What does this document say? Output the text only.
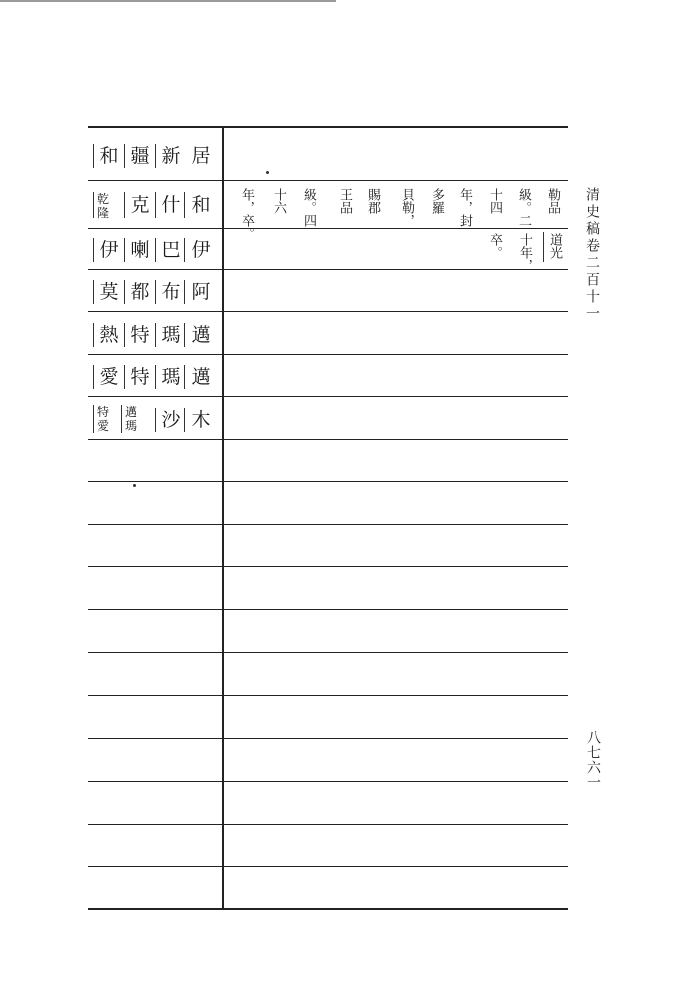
和 疆 新 居
乾隆 克 什 和
伊 喇 巴 伊
莫 都 布 阿
熱 特 瑪 邁
愛 特 瑪 邁
特愛
邁瑪 沙 木
勒品
級。二
十四
年，封
多羅
貝勒，
賜郡
王品
級。四
十六
年，卒。
道光
十年，
卒。	清史稿卷二百十一
八七六一
